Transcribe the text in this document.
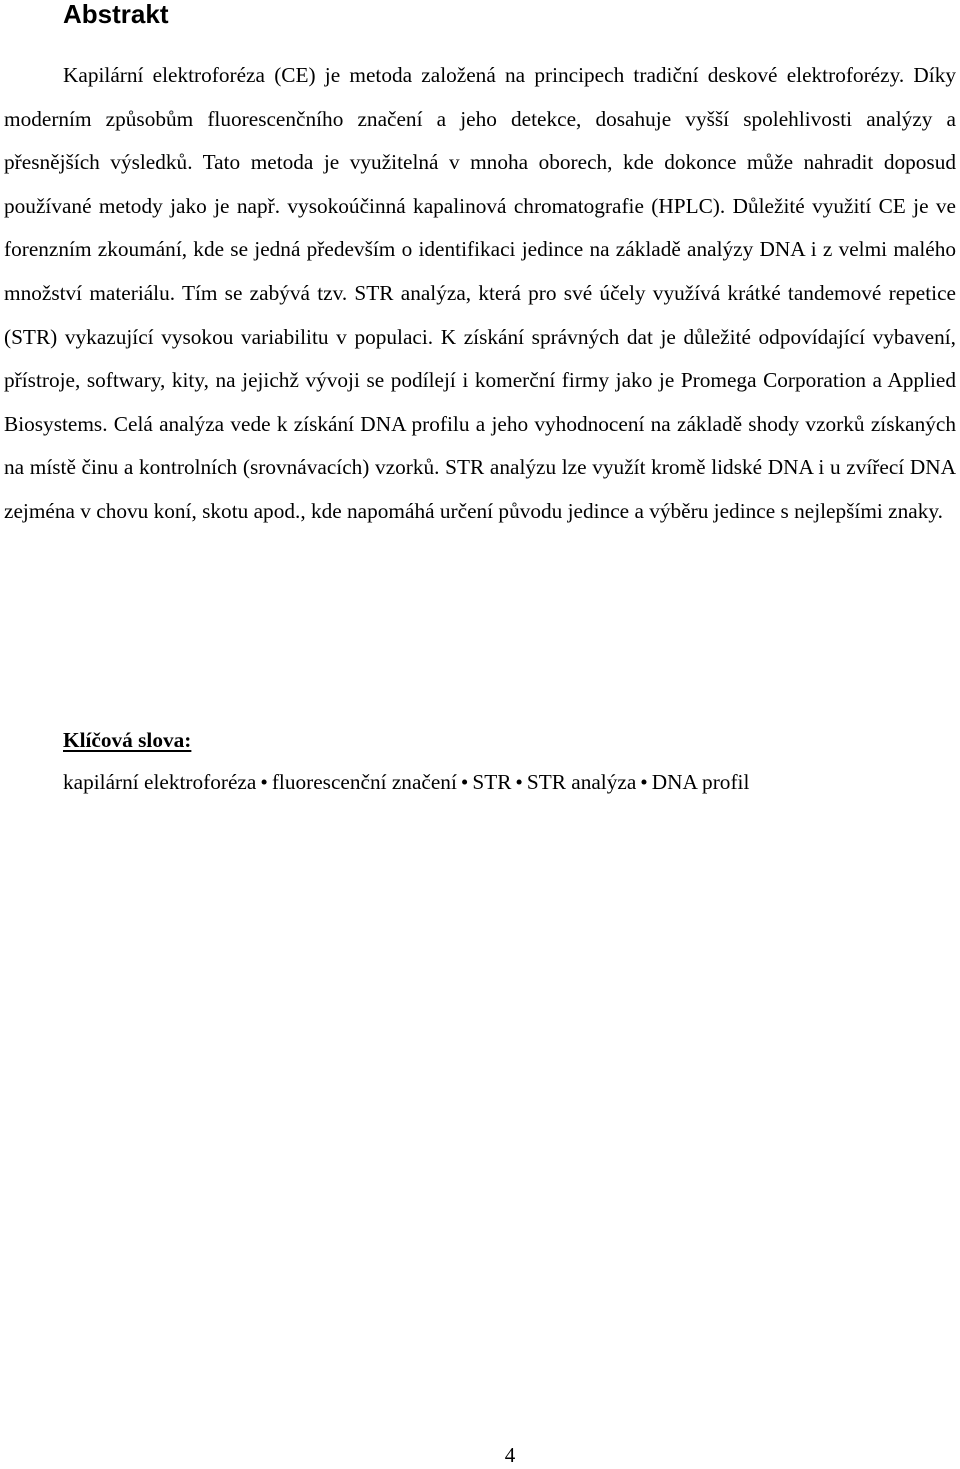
Abstrakt

Kapilární elektroforéza (CE) je metoda založená na principech tradiční deskové elektroforézy. Díky moderním způsobům fluorescenčního značení a jeho detekce, dosahuje vyšší spolehlivosti analýzy a přesnějších výsledků. Tato metoda je využitelná v mnoha oborech, kde dokonce může nahradit doposud používané metody jako je např. vysokoúčinná kapalinová chromatografie (HPLC). Důležité využití CE je ve forenzním zkoumání, kde se jedná především o identifikaci jedince na základě analýzy DNA i z velmi malého množství materiálu. Tím se zabývá tzv. STR analýza, která pro své účely využívá krátké tandemové repetice (STR) vykazující vysokou variabilitu v populaci. K získání správných dat je důležité odpovídající vybavení, přístroje, softwary, kity, na jejichž vývoji se podílejí i komerční firmy jako je Promega Corporation a Applied Biosystems. Celá analýza vede k získání DNA profilu a jeho vyhodnocení na základě shody vzorků získaných na místě činu a kontrolních (srovnávacích) vzorků. STR analýzu lze využít kromě lidské DNA i u zvířecí DNA zejména v chovu koní, skotu apod., kde napomáhá určení původu jedince a výběru jedince s nejlepšími znaky.

Klíčová slova:

kapilární elektroforéza • fluorescenční značení • STR • STR analýza • DNA profil

4
